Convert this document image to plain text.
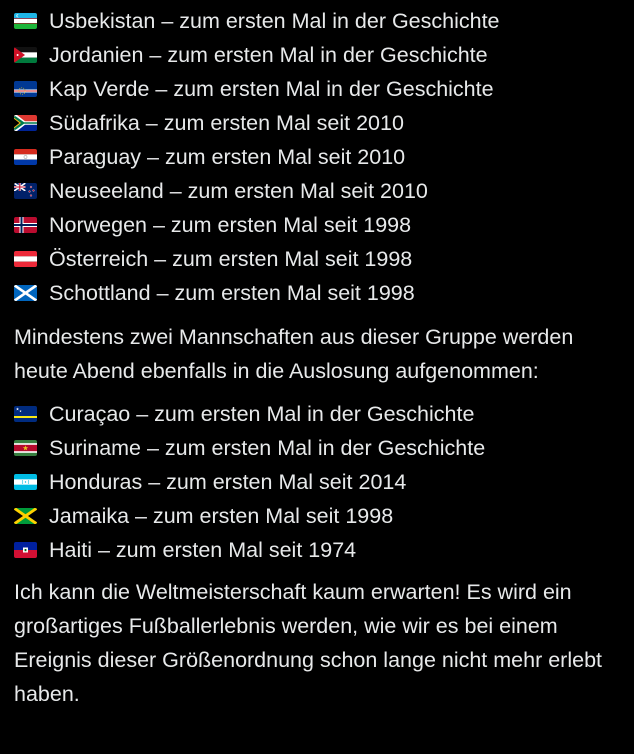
Usbekistan – zum ersten Mal in der Geschichte
Jordanien – zum ersten Mal in der Geschichte
Kap Verde – zum ersten Mal in der Geschichte
Südafrika – zum ersten Mal seit 2010
Paraguay – zum ersten Mal seit 2010
Neuseeland – zum ersten Mal seit 2010
Norwegen – zum ersten Mal seit 1998
Österreich – zum ersten Mal seit 1998
Schottland – zum ersten Mal seit 1998

Mindestens zwei Mannschaften aus dieser Gruppe werden heute Abend ebenfalls in die Auslosung aufgenommen:

Curaçao – zum ersten Mal in der Geschichte
Suriname – zum ersten Mal in der Geschichte
Honduras – zum ersten Mal seit 2014
Jamaika – zum ersten Mal seit 1998
Haiti – zum ersten Mal seit 1974

Ich kann die Weltmeisterschaft kaum erwarten! Es wird ein großartiges Fußballerlebnis werden, wie wir es bei einem Ereignis dieser Größenordnung schon lange nicht mehr erlebt haben.
